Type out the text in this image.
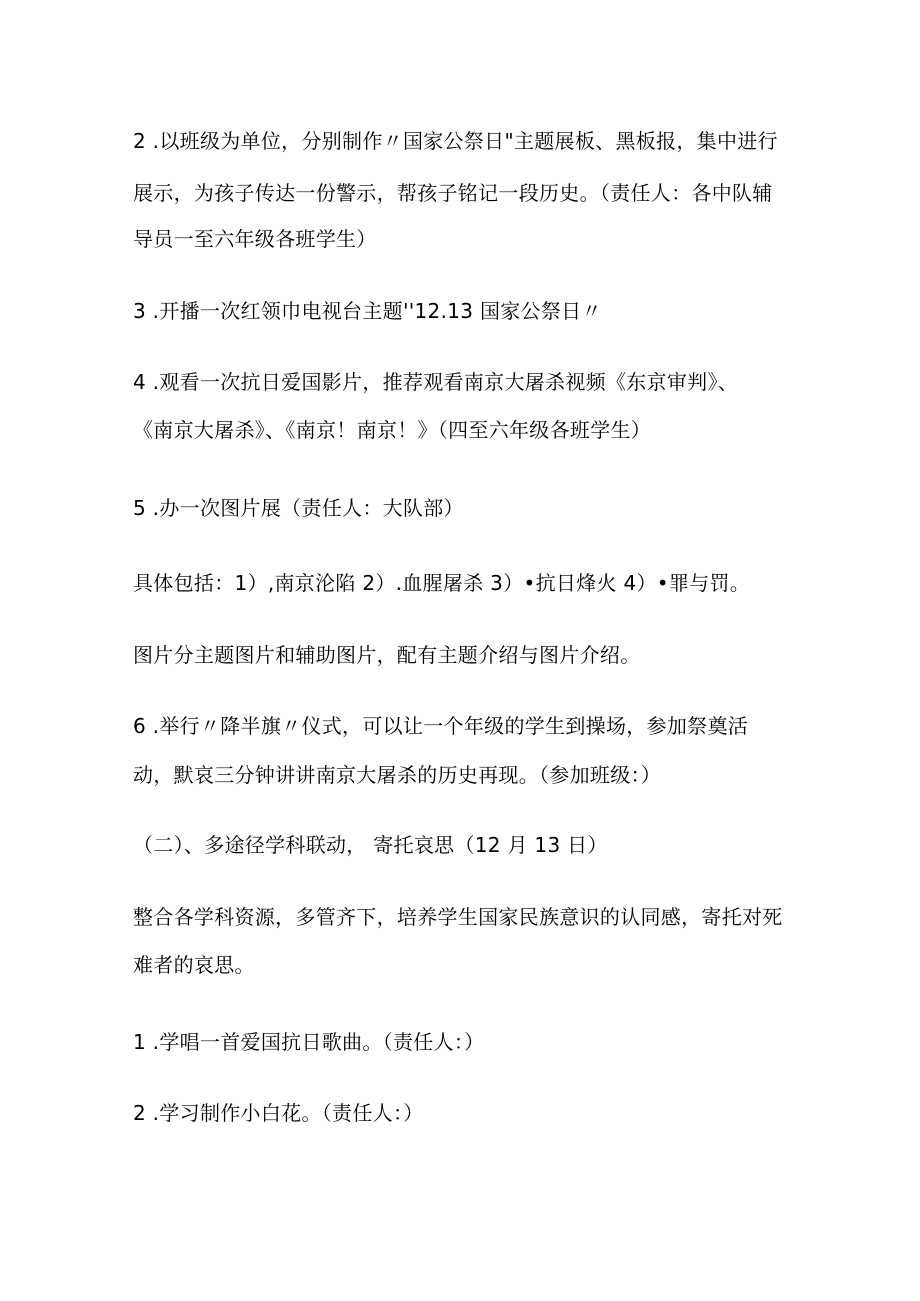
2 .以班级为单位，分别制作〃国家公祭日"主题展板、黑板报，集中进行
展示，为孩子传达一份警示，帮孩子铭记一段历史。（责任人：各中队辅
导员一至六年级各班学生）
3 .开播一次红领巾电视台主题''12.13 国家公祭日〃
4 .观看一次抗日爱国影片，推荐观看南京大屠杀视频《东京审判》、
《南京大屠杀》、《南京！南京！》（四至六年级各班学生）
5 .办一次图片展（责任人：大队部）
具体包括：1）,南京沦陷 2）.血腥屠杀 3）•抗日烽火 4）•罪与罚。
图片分主题图片和辅助图片，配有主题介绍与图片介绍。
6 .举行〃降半旗〃仪式，可以让一个年级的学生到操场，参加祭奠活
动，默哀三分钟讲讲南京大屠杀的历史再现。（参加班级：）
（二）、多途径学科联动， 寄托哀思（12 月 13 日）
整合各学科资源，多管齐下，培养学生国家民族意识的认同感，寄托对死
难者的哀思。
1 .学唱一首爱国抗日歌曲。（责任人：）
2 .学习制作小白花。（责任人：）
